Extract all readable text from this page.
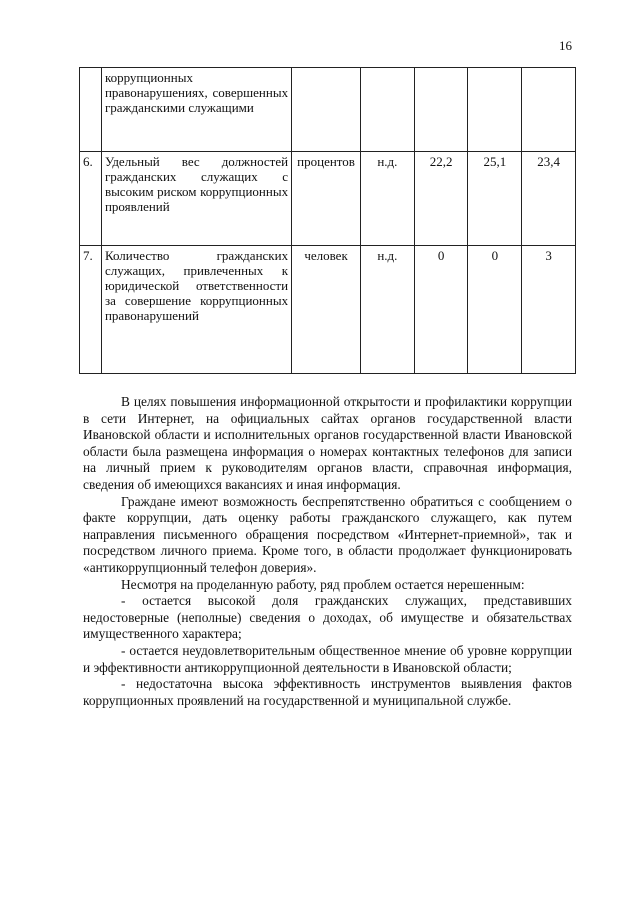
16
	коррупционных правонарушениях, совершенных гражданскими служащими					
6.	Удельный вес должностей гражданских служащих с высоким риском коррупционных проявлений	процентов	н.д.	22,2	25,1	23,4
7.	Количество гражданских служащих, привлеченных к юридической ответственности за совершение коррупционных правонарушений	человек	н.д.	0	0	3

В целях повышения информационной открытости и профилактики коррупции в сети Интернет, на официальных сайтах органов государственной власти Ивановской области и исполнительных органов государственной власти Ивановской области была размещена информация о номерах контактных телефонов для записи на личный прием к руководителям органов власти, справочная информация, сведения об имеющихся вакансиях и иная информация.

Граждане имеют возможность беспрепятственно обратиться с сообщением о факте коррупции, дать оценку работы гражданского служащего, как путем направления письменного обращения посредством «Интернет-приемной», так и посредством личного приема. Кроме того, в области продолжает функционировать «антикоррупционный телефон доверия».

Несмотря на проделанную работу, ряд проблем остается нерешенным:

- остается высокой доля гражданских служащих, представивших недостоверные (неполные) сведения о доходах, об имуществе и обязательствах имущественного характера;

- остается неудовлетворительным общественное мнение об уровне коррупции и эффективности антикоррупционной деятельности в Ивановской области;

- недостаточна высока эффективность инструментов выявления фактов коррупционных проявлений на государственной и муниципальной службе.
